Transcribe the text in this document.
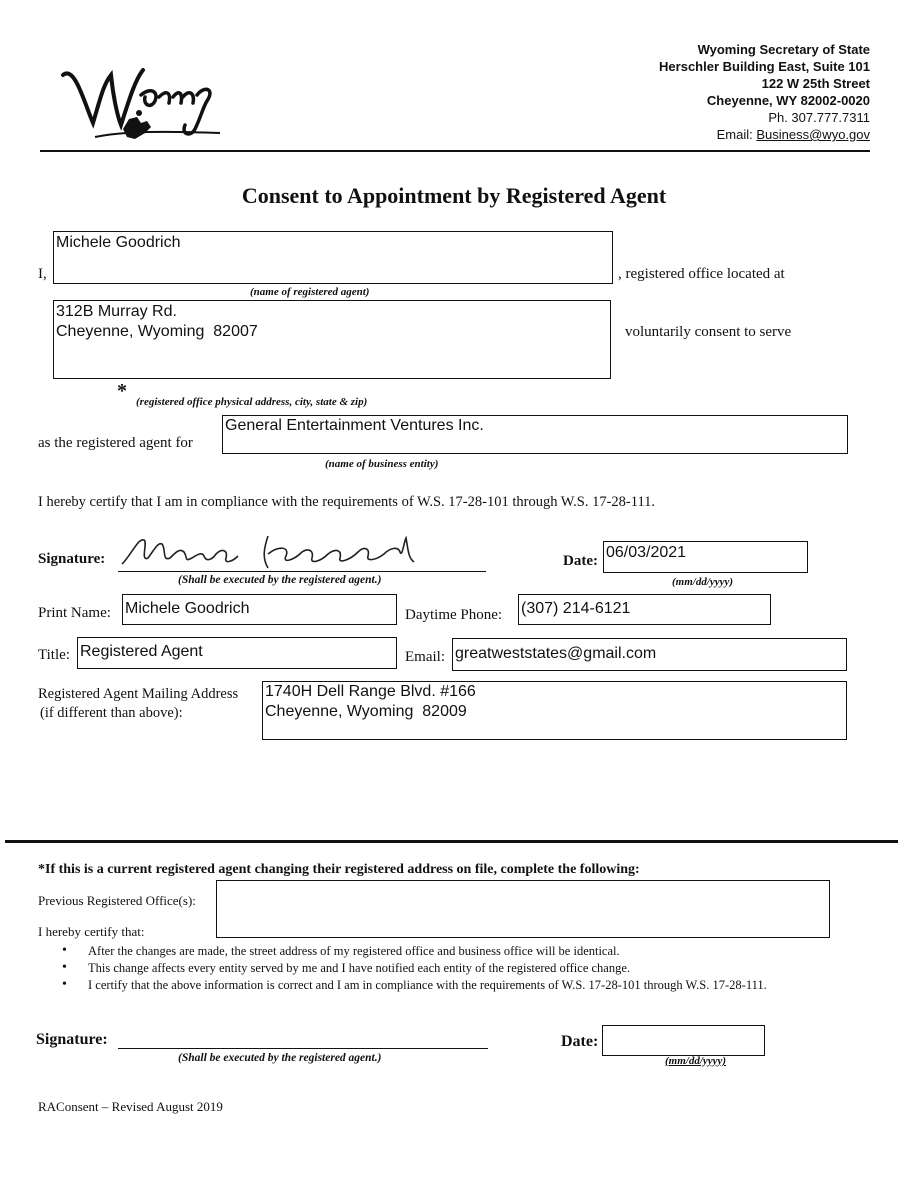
Wyoming Secretary of State
Herschler Building East, Suite 101
122 W 25th Street
Cheyenne, WY 82002-0020
Ph. 307.777.7311
Email: Business@wyo.gov
Consent to Appointment by Registered Agent
I,
Michele Goodrich
, registered office located at
(name of registered agent)
312B Murray Rd.
Cheyenne, Wyoming  82007	voluntarily consent to serve
* (registered office physical address, city, state & zip)
as the registered agent for
General Entertainment Ventures Inc.
(name of business entity)
I hereby certify that I am in compliance with the requirements of W.S. 17-28-101 through W.S. 17-28-111.
Signature:
(Shall be executed by the registered agent.)
Date: 06/03/2021
(mm/dd/yyyy)
Print Name: Michele Goodrich	Daytime Phone: (307) 214-6121
Title: Registered Agent	Email: greatweststates@gmail.com
Registered Agent Mailing Address
(if different than above):
1740H Dell Range Blvd. #166
Cheyenne, Wyoming  82009
*If this is a current registered agent changing their registered address on file, complete the following:
Previous Registered Office(s):
I hereby certify that:
• After the changes are made, the street address of my registered office and business office will be identical.
• This change affects every entity served by me and I have notified each entity of the registered office change.
• I certify that the above information is correct and I am in compliance with the requirements of W.S. 17-28-101 through W.S. 17-28-111.
Signature:
(Shall be executed by the registered agent.)
Date:
(mm/dd/yyyy)
RAConsent – Revised August 2019
